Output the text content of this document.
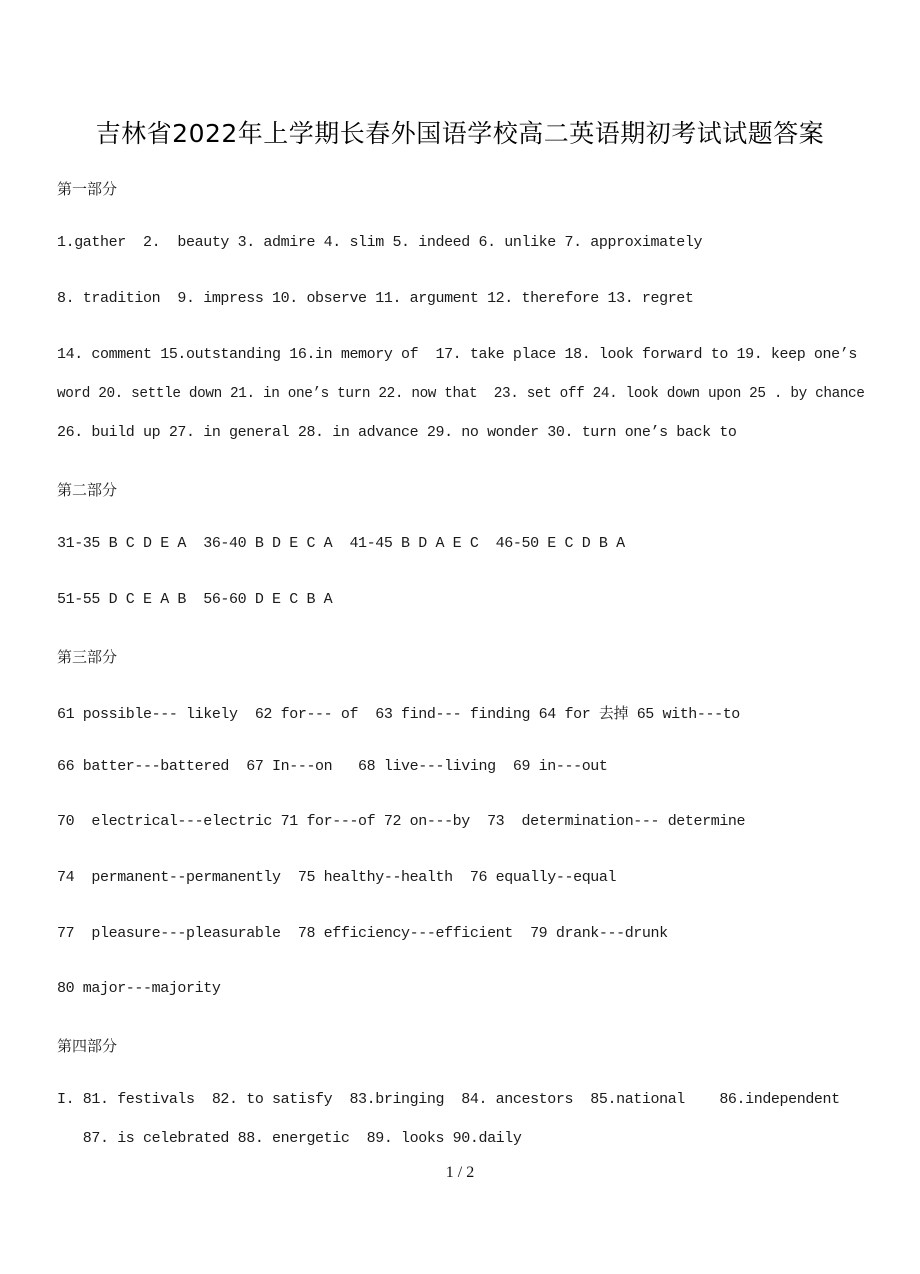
吉林省2022年上学期长春外国语学校高二英语期初考试试题答案
第一部分
1.gather  2.  beauty 3. admire 4. slim 5. indeed 6. unlike 7. approximately
8. tradition  9. impress 10. observe 11. argument 12. therefore 13. regret
14. comment 15.outstanding 16.in memory of  17. take place 18. look forward to 19. keep one’s
word 20. settle down 21. in one’s turn 22. now that  23. set off 24. look down upon 25 . by chance
26. build up 27. in general 28. in advance 29. no wonder 30. turn one’s back to
第二部分
31-35 B C D E A  36-40 B D E C A  41-45 B D A E C  46-50 E C D B A
51-55 D C E A B  56-60 D E C B A
第三部分
61 possible--- likely  62 for--- of  63 find--- finding 64 for 去掉 65 with---to
66 batter---battered  67 In---on   68 live---living  69 in---out
70  electrical---electric 71 for---of 72 on---by  73  determination--- determine
74  permanent--permanently  75 healthy--health  76 equally--equal
77  pleasure---pleasurable  78 efficiency---efficient  79 drank---drunk
80 major---majority
第四部分
I. 81. festivals  82. to satisfy  83.bringing  84. ancestors  85.national    86.independent
87. is celebrated 88. energetic  89. looks 90.daily
1 / 2
